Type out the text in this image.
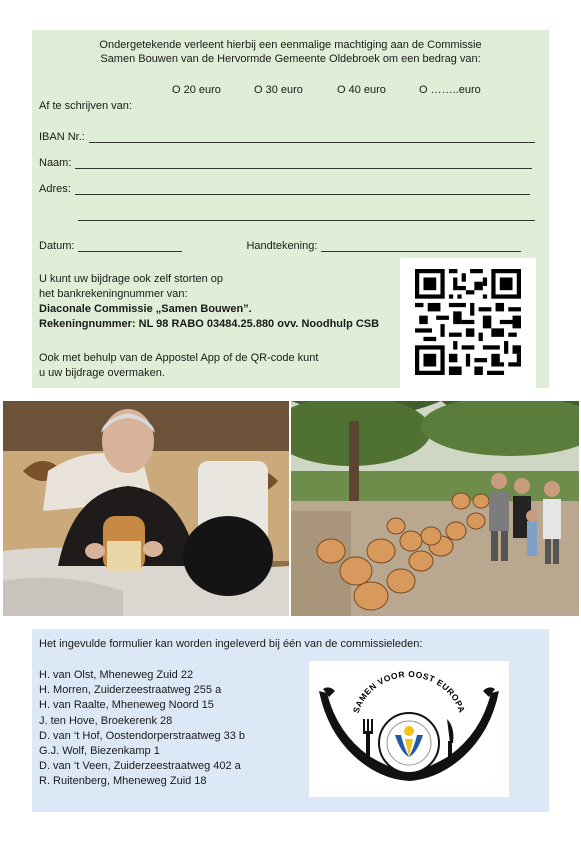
Ondergetekende verleent hierbij een eenmalige machtiging aan de Commissie
Samen Bouwen van de Hervormde Gemeente Oldebroek om een bedrag van:
O 20 euro	O 30 euro	O 40 euro	O ……..euro
Af te schrijven van:
IBAN Nr.:
Naam:
Adres:
Datum:	Handtekening:
U kunt uw bijdrage ook zelf storten op
het bankrekeningnummer van:
Diaconale Commissie „Samen Bouwen”.
Rekeningnummer: NL 98 RABO 03484.25.880 ovv. Noodhulp CSB
Ook met behulp van de Appostel App of de QR-code kunt
u uw bijdrage overmaken.
Het ingevulde formulier kan worden ingeleverd bij één van de commissieleden:
H. van Olst, Mheneweg Zuid 22
H. Morren, Zuiderzeestraatweg 255 a
H. van Raalte, Mheneweg Noord 15
J. ten Hove, Broekerenk 28
D. van ‘t Hof, Oostendorperstraatweg 33 b
G.J. Wolf, Biezenkamp 1
D. van ‘t Veen, Zuiderzeestraatweg 402 a
R. Ruitenberg, Mheneweg Zuid 18
SAMEN VOOR OOST EUROPA
